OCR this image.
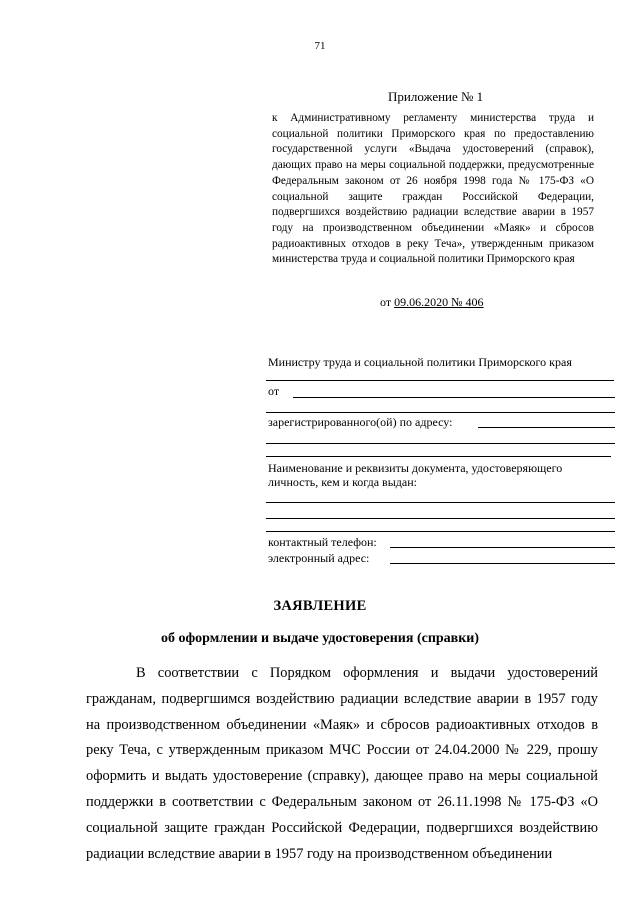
71
Приложение № 1
к Административному регламенту министерства труда и социальной политики Приморского края по предоставлению государственной услуги «Выдача удостоверений (справок), дающих право на меры социальной поддержки, предусмотренные Федеральным законом от 26 ноября 1998 года № 175-ФЗ «О социальной защите граждан Российской Федерации, подвергшихся воздействию радиации вследствие аварии в 1957 году на производственном объединении «Маяк» и сбросов радиоактивных отходов в реку Теча», утвержденным приказом министерства труда и социальной политики Приморского края
от 09.06.2020 № 406
Министру труда и социальной политики Приморского края
от
зарегистрированного(ой) по адресу:
Наименование и реквизиты документа, удостоверяющего
личность, кем и когда выдан:
контактный телефон:
электронный адрес:
ЗАЯВЛЕНИЕ
об оформлении и выдаче удостоверения (справки)
В соответствии с Порядком оформления и выдачи удостоверений гражданам, подвергшимся воздействию радиации вследствие аварии в 1957 году на производственном объединении «Маяк» и сбросов радиоактивных отходов в реку Теча, с утвержденным приказом МЧС России от 24.04.2000 № 229, прошу оформить и выдать удостоверение (справку), дающее право на меры социальной поддержки в соответствии с Федеральным законом от 26.11.1998 № 175-ФЗ «О социальной защите граждан Российской Федерации, подвергшихся воздействию радиации вследствие аварии в 1957 году на производственном объединении
